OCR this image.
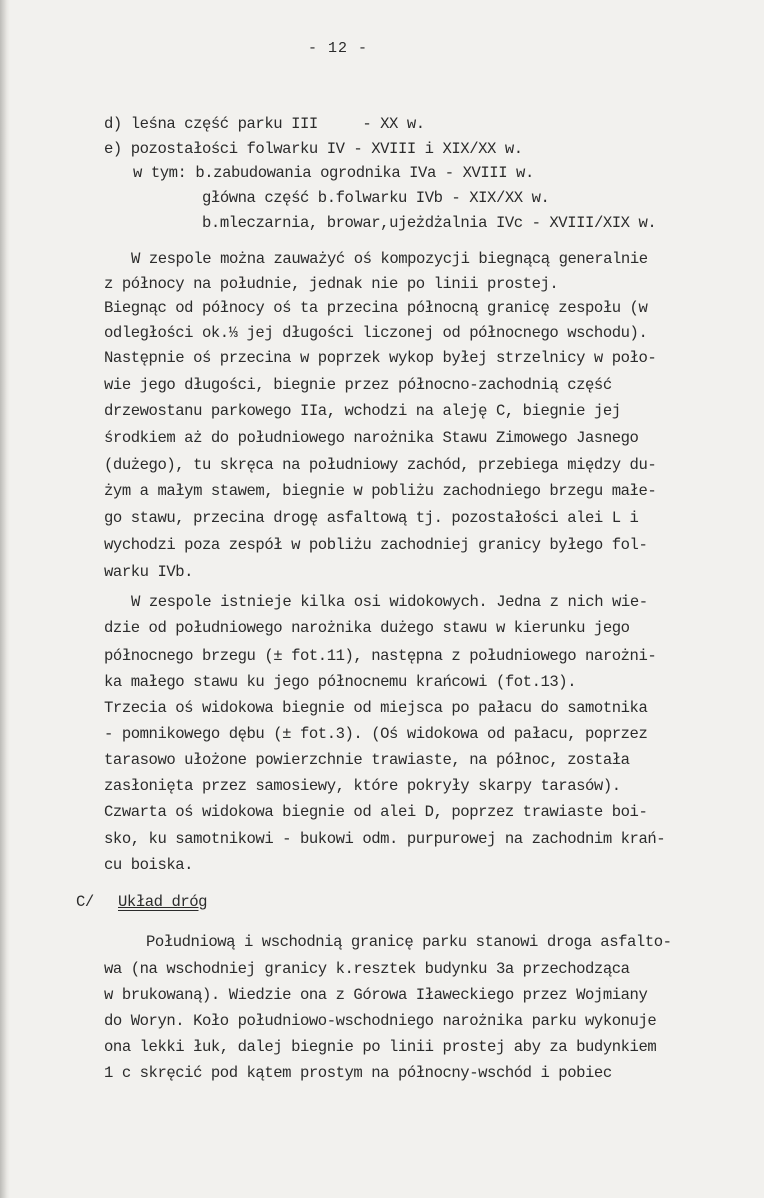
- 12 -
d) leśna część parku III     - XX w.
e) pozostałości folwarku IV - XVIII i XIX/XX w.
w tym: b.zabudowania ogrodnika IVa - XVIII w.
główna część b.folwarku IVb - XIX/XX w.
b.mleczarnia, browar,ujeżdżalnia IVc - XVIII/XIX w.
W zespole można zauważyć oś kompozycji biegnącą generalnie
z północy na południe, jednak nie po linii prostej.
Biegnąc od północy oś ta przecina północną granicę zespołu (w
odległości ok.⅓ jej długości liczonej od północnego wschodu).
Następnie oś przecina w poprzek wykop byłej strzelnicy w poło-
wie jego długości, biegnie przez północno-zachodnią część
drzewostanu parkowego IIa, wchodzi na aleję C, biegnie jej
środkiem aż do południowego narożnika Stawu Zimowego Jasnego
(dużego), tu skręca na południowy zachód, przebiega między du-
żym a małym stawem, biegnie w pobliżu zachodniego brzegu małe-
go stawu, przecina drogę asfaltową tj. pozostałości alei L i
wychodzi poza zespół w pobliżu zachodniej granicy byłego fol-
warku IVb.
W zespole istnieje kilka osi widokowych. Jedna z nich wie-
dzie od południowego narożnika dużego stawu w kierunku jego
północnego brzegu (± fot.11), następna z południowego narożni-
ka małego stawu ku jego północnemu krańcowi (fot.13).
Trzecia oś widokowa biegnie od miejsca po pałacu do samotnika
- pomnikowego dębu (± fot.3). (Oś widokowa od pałacu, poprzez
tarasowo ułożone powierzchnie trawiaste, na północ, została
zasłonięta przez samosiewy, które pokryły skarpy tarasów).
Czwarta oś widokowa biegnie od alei D, poprzez trawiaste boi-
sko, ku samotnikowi - bukowi odm. purpurowej na zachodnim krań-
cu boiska.
C/ Układ dróg
Południową i wschodnią granicę parku stanowi droga asfalto-
wa (na wschodniej granicy k.resztek budynku 3a przechodząca
w brukowaną). Wiedzie ona z Górowa Iławeckiego przez Wojmiany
do Woryn. Koło południowo-wschodniego narożnika parku wykonuje
ona lekki łuk, dalej biegnie po linii prostej aby za budynkiem
1 c skręcić pod kątem prostym na północny-wschód i pobiec
